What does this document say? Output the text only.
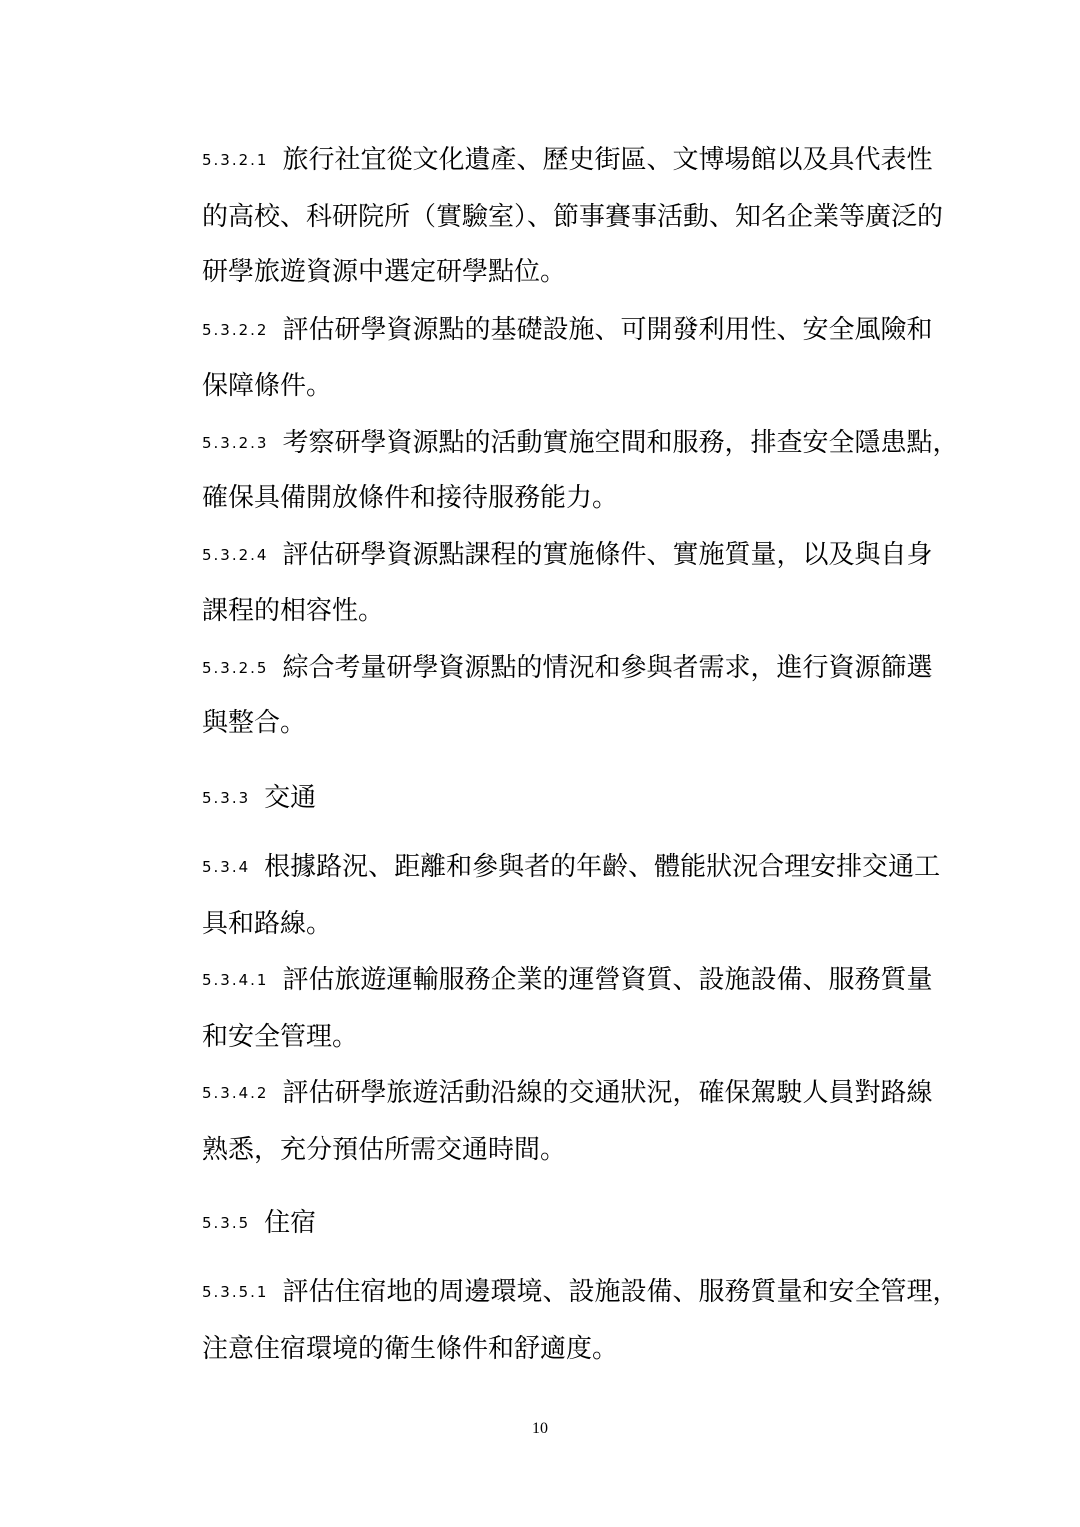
5.3.2.1 旅行社宜從文化遺產、歷史街區、文博場館以及具代表性
的高校、科研院所（實驗室）、節事賽事活動、知名企業等廣泛的
研學旅遊資源中選定研學點位。
5.3.2.2 評估研學資源點的基礎設施、可開發利用性、安全風險和
保障條件。
5.3.2.3 考察研學資源點的活動實施空間和服務，排查安全隱患點，
確保具備開放條件和接待服務能力。
5.3.2.4 評估研學資源點課程的實施條件、實施質量，以及與自身
課程的相容性。
5.3.2.5 綜合考量研學資源點的情況和參與者需求，進行資源篩選
與整合。
5.3.3 交通
5.3.4 根據路況、距離和參與者的年齡、體能狀況合理安排交通工
具和路線。
5.3.4.1 評估旅遊運輸服務企業的運營資質、設施設備、服務質量
和安全管理。
5.3.4.2 評估研學旅遊活動沿線的交通狀況，確保駕駛人員對路線
熟悉，充分預估所需交通時間。
5.3.5 住宿
5.3.5.1 評估住宿地的周邊環境、設施設備、服務質量和安全管理，
注意住宿環境的衛生條件和舒適度。
10
